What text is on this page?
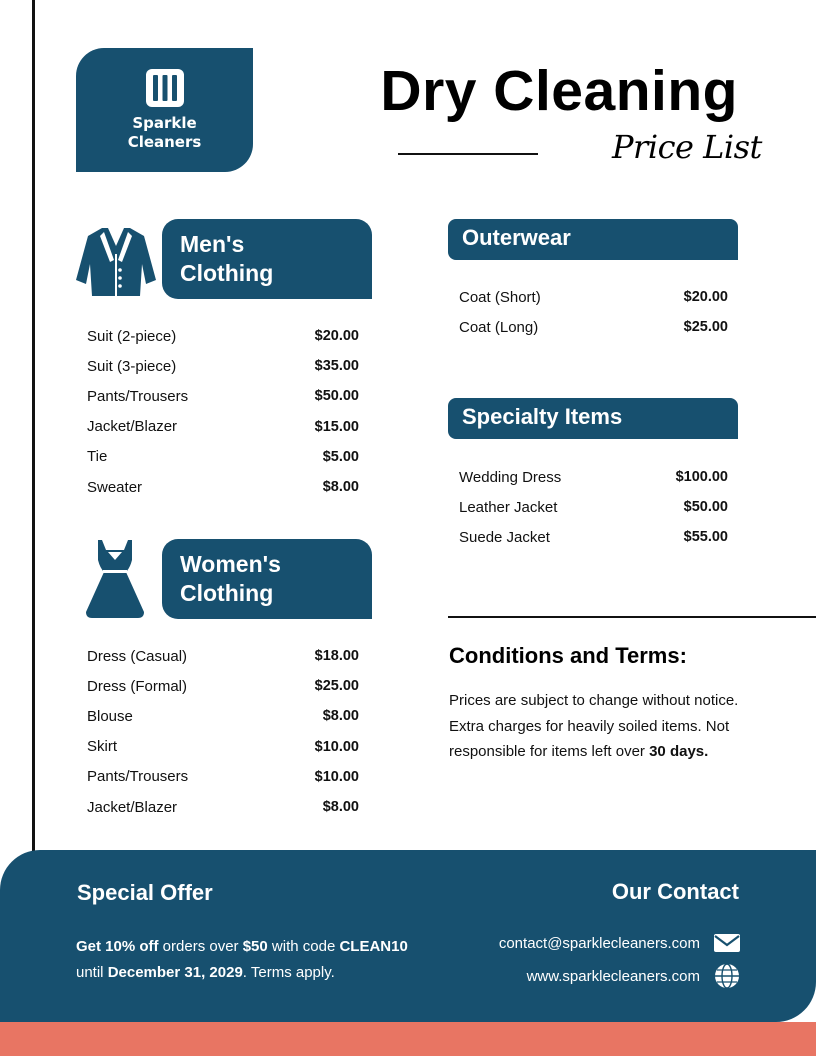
Sparkle
Cleaners
Dry Cleaning
Price List
Men's
Clothing
Suit (2-piece)	$20.00
Suit (3-piece)	$35.00
Pants/Trousers	$50.00
Jacket/Blazer	$15.00
Tie	$5.00
Sweater	$8.00
Women's
Clothing
Dress (Casual)	$18.00
Dress (Formal)	$25.00
Blouse	$8.00
Skirt	$10.00
Pants/Trousers	$10.00
Jacket/Blazer	$8.00
Outerwear
Coat (Short)	$20.00
Coat (Long)	$25.00
Specialty Items
Wedding Dress	$100.00
Leather Jacket	$50.00
Suede Jacket	$55.00
Conditions and Terms:
Prices are subject to change without notice. Extra charges for heavily soiled items. Not responsible for items left over 30 days.
Special Offer
Get 10% off orders over $50 with code CLEAN10
until December 31, 2029. Terms apply.
Our Contact
contact@sparklecleaners.com
www.sparklecleaners.com
